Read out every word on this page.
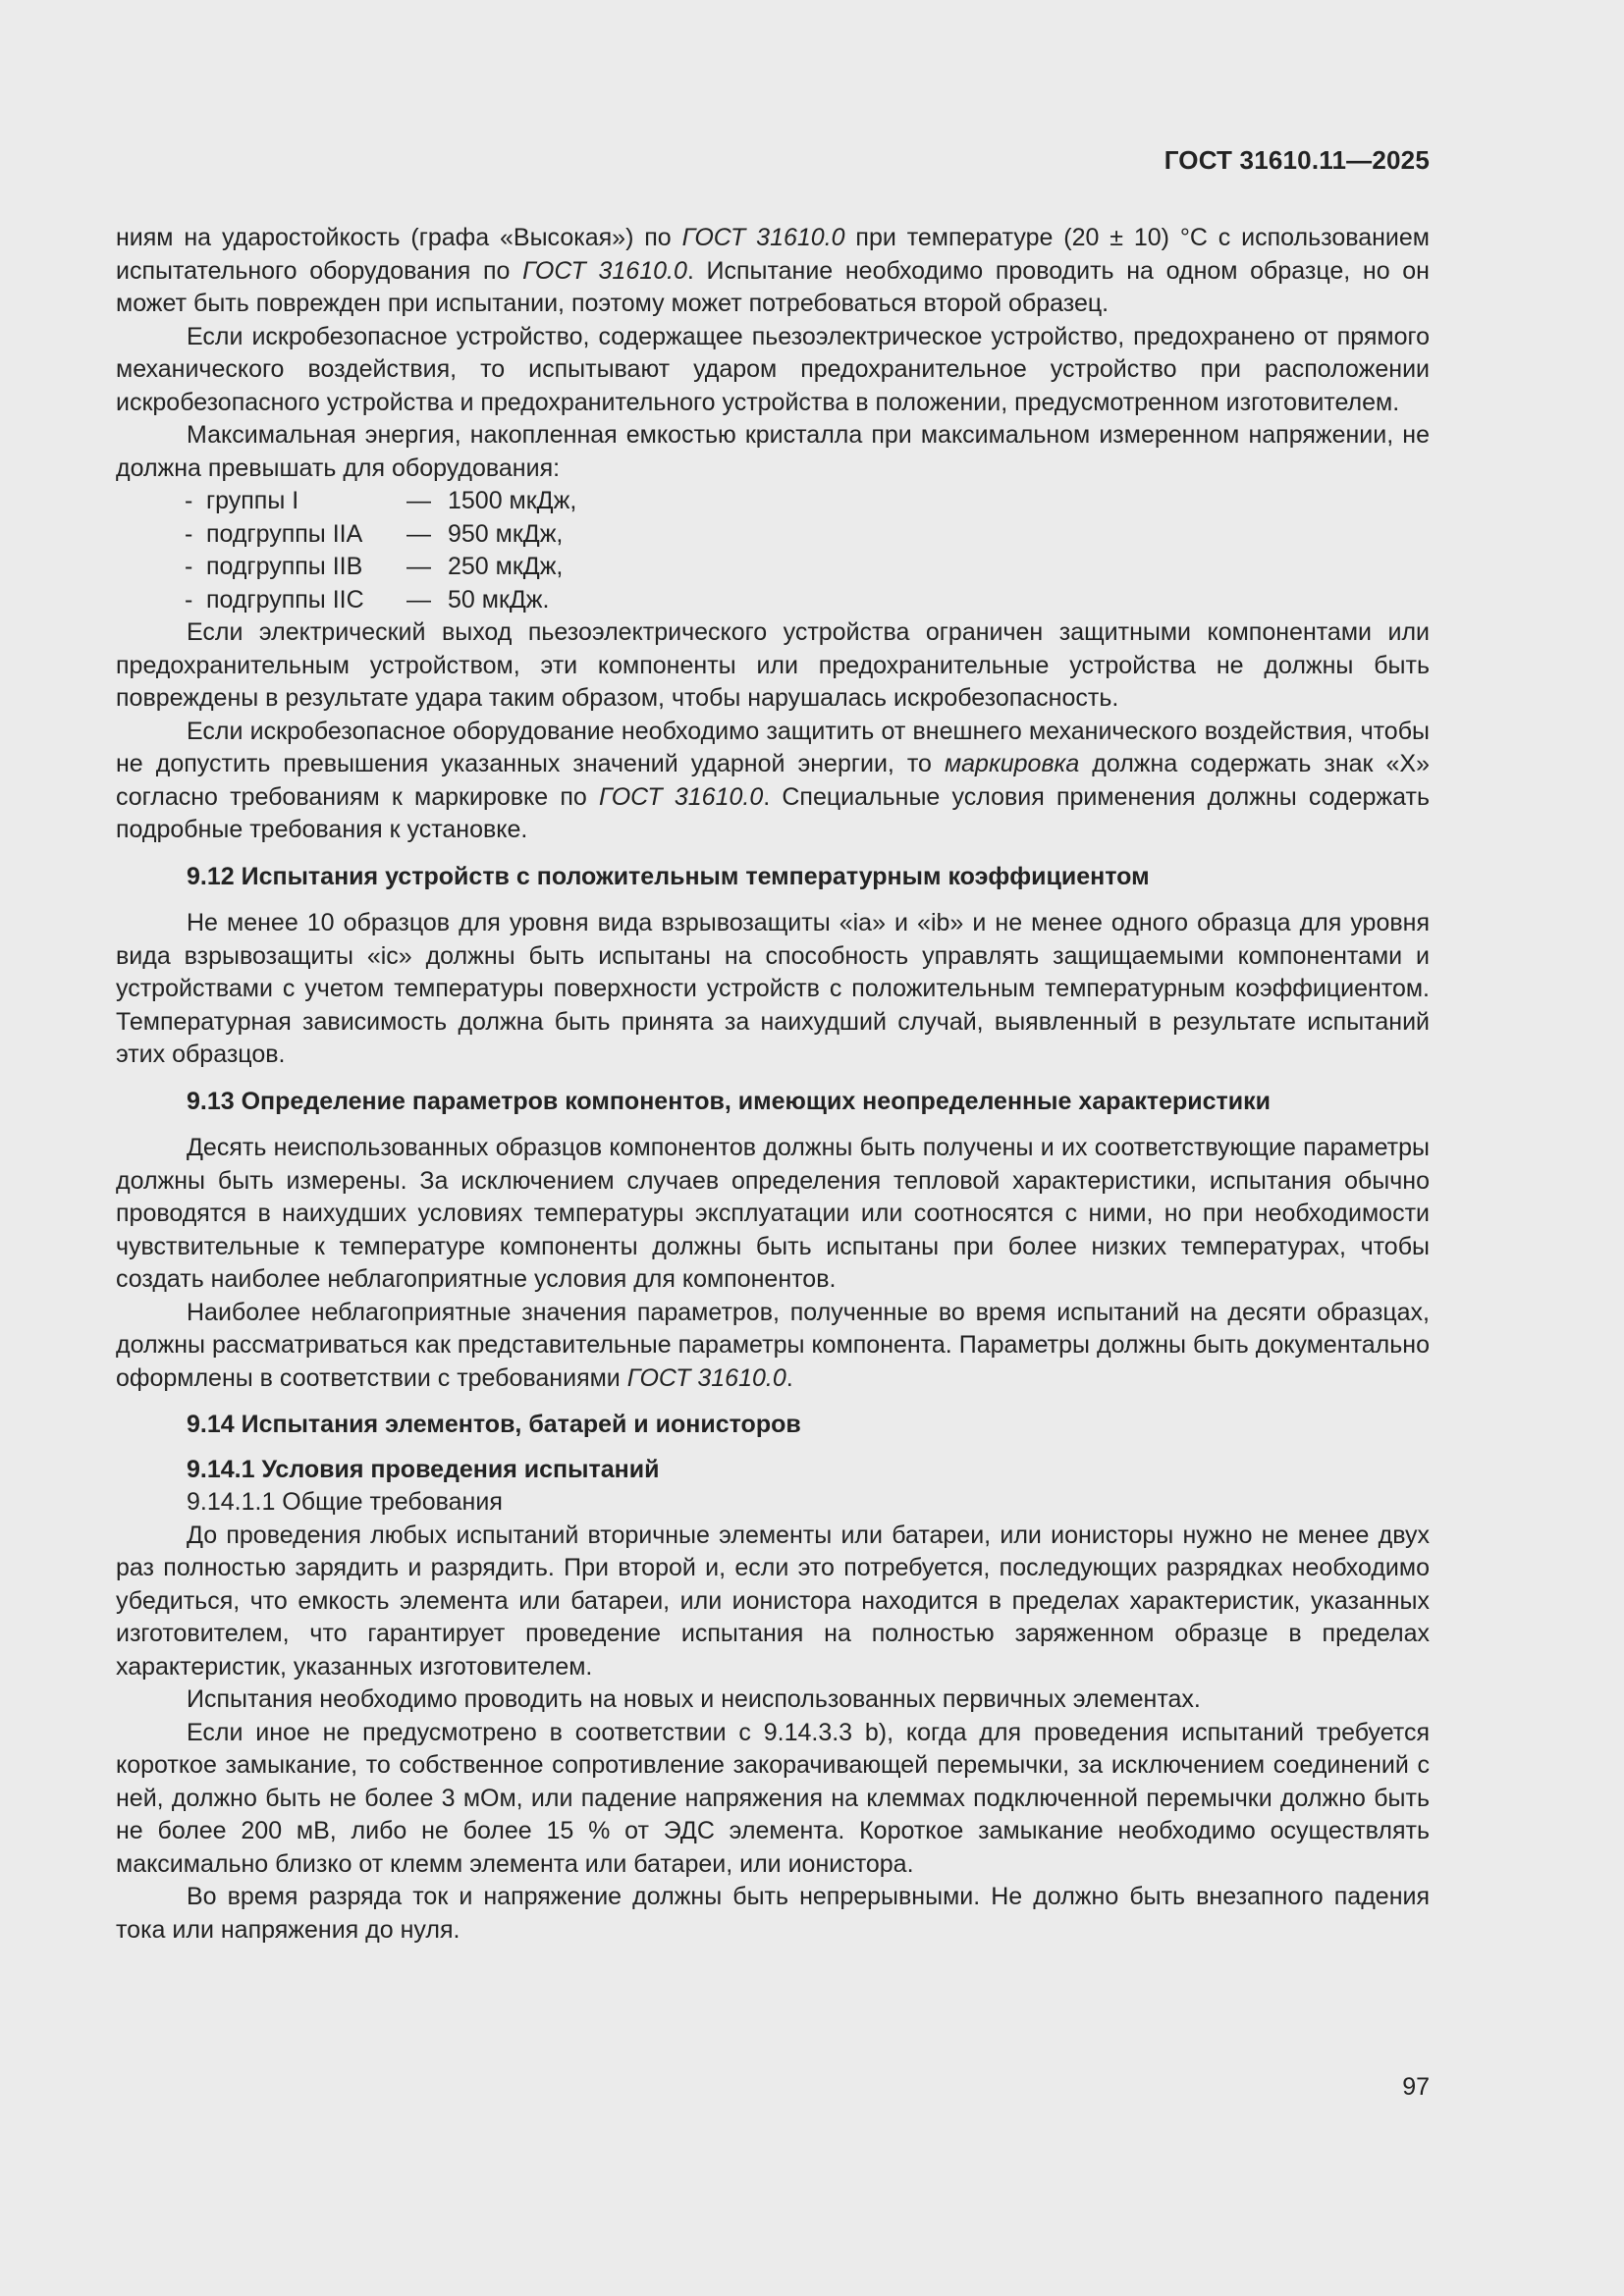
ГОСТ 31610.11—2025

ниям на ударостойкость (графа «Высокая») по ГОСТ 31610.0 при температуре (20 ± 10) °С с использованием испытательного оборудования по ГОСТ 31610.0. Испытание необходимо проводить на одном образце, но он может быть поврежден при испытании, поэтому может потребоваться второй образец.

Если искробезопасное устройство, содержащее пьезоэлектрическое устройство, предохранено от прямого механического воздействия, то испытывают ударом предохранительное устройство при расположении искробезопасного устройства и предохранительного устройства в положении, предусмотренном изготовителем.

Максимальная энергия, накопленная емкостью кристалла при максимальном измеренном напряжении, не должна превышать для оборудования:

- группы I	— 1500 мкДж,
- подгруппы IIA	— 950 мкДж,
- подгруппы IIB	— 250 мкДж,
- подгруппы IIC	— 50 мкДж.

Если электрический выход пьезоэлектрического устройства ограничен защитными компонентами или предохранительным устройством, эти компоненты или предохранительные устройства не должны быть повреждены в результате удара таким образом, чтобы нарушалась искробезопасность.

Если искробезопасное оборудование необходимо защитить от внешнего механического воздействия, чтобы не допустить превышения указанных значений ударной энергии, то маркировка должна содержать знак «X» согласно требованиям к маркировке по ГОСТ 31610.0. Специальные условия применения должны содержать подробные требования к установке.

9.12 Испытания устройств с положительным температурным коэффициентом

Не менее 10 образцов для уровня вида взрывозащиты «ia» и «ib» и не менее одного образца для уровня вида взрывозащиты «ic» должны быть испытаны на способность управлять защищаемыми компонентами и устройствами с учетом температуры поверхности устройств с положительным температурным коэффициентом. Температурная зависимость должна быть принята за наихудший случай, выявленный в результате испытаний этих образцов.

9.13 Определение параметров компонентов, имеющих неопределенные характеристики

Десять неиспользованных образцов компонентов должны быть получены и их соответствующие параметры должны быть измерены. За исключением случаев определения тепловой характеристики, испытания обычно проводятся в наихудших условиях температуры эксплуатации или соотносятся с ними, но при необходимости чувствительные к температуре компоненты должны быть испытаны при более низких температурах, чтобы создать наиболее неблагоприятные условия для компонентов.

Наиболее неблагоприятные значения параметров, полученные во время испытаний на десяти образцах, должны рассматриваться как представительные параметры компонента. Параметры должны быть документально оформлены в соответствии с требованиями ГОСТ 31610.0.

9.14 Испытания элементов, батарей и ионисторов

9.14.1 Условия проведения испытаний

9.14.1.1 Общие требования

До проведения любых испытаний вторичные элементы или батареи, или ионисторы нужно не менее двух раз полностью зарядить и разрядить. При второй и, если это потребуется, последующих разрядках необходимо убедиться, что емкость элемента или батареи, или ионистора находится в пределах характеристик, указанных изготовителем, что гарантирует проведение испытания на полностью заряженном образце в пределах характеристик, указанных изготовителем.

Испытания необходимо проводить на новых и неиспользованных первичных элементах.

Если иное не предусмотрено в соответствии с 9.14.3.3 b), когда для проведения испытаний требуется короткое замыкание, то собственное сопротивление закорачивающей перемычки, за исключением соединений с ней, должно быть не более 3 мОм, или падение напряжения на клеммах подключенной перемычки должно быть не более 200 мВ, либо не более 15 % от ЭДС элемента. Короткое замыкание необходимо осуществлять максимально близко от клемм элемента или батареи, или ионистора.

Во время разряда ток и напряжение должны быть непрерывными. Не должно быть внезапного падения тока или напряжения до нуля.

97
